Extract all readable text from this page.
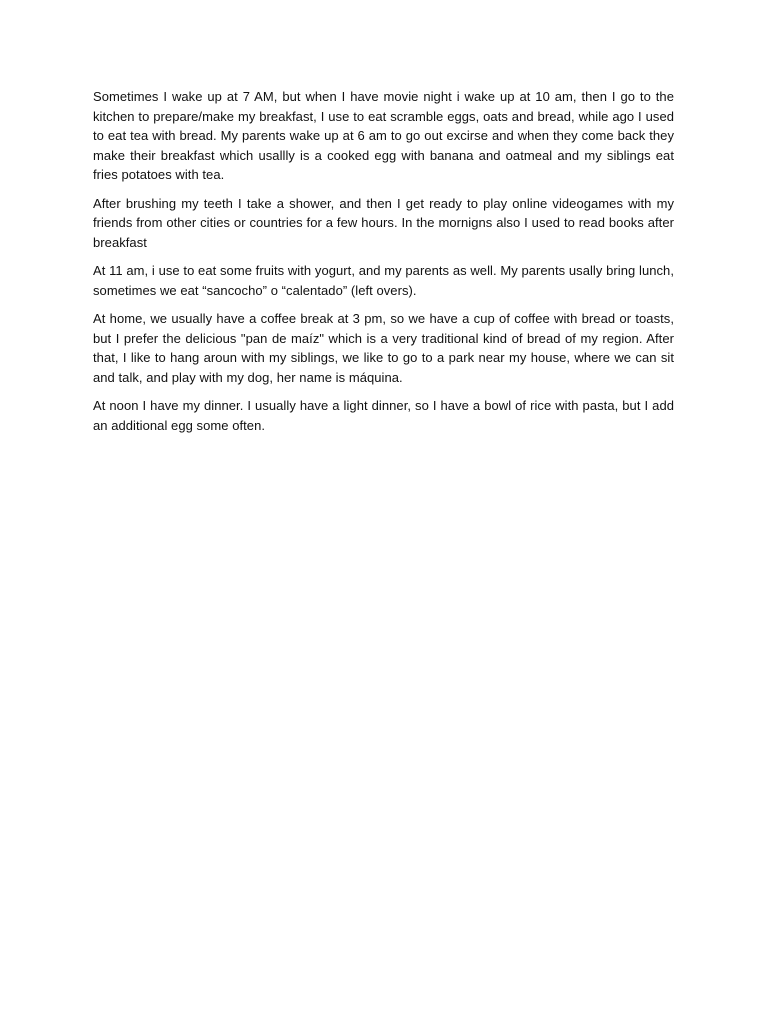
Sometimes I wake up at 7 AM, but when I have movie night i wake up at 10 am, then I go to the kitchen to prepare/make my breakfast, I use to eat scramble eggs, oats and bread, while ago I used to eat tea with bread. My parents wake up at 6 am to go out excirse and when they come back they make their breakfast which usallly is a cooked egg with banana and oatmeal and my siblings eat fries potatoes with tea.

After brushing my teeth I take a shower, and then I get ready to play online videogames with my friends from other cities or countries for a few hours. In the mornigns also I used to read books after breakfast

At 11 am, i use to eat some fruits with yogurt, and my parents as well. My parents usally bring lunch, sometimes we eat “sancocho” o “calentado” (left overs).

At home, we usually have a coffee break at 3 pm, so we have a cup of coffee with bread or toasts, but I prefer the delicious "pan de maíz" which is a very traditional kind of bread of my region. After that, I like to hang aroun with my siblings, we like to go to a park near my house, where we can sit and talk, and play with my dog, her name is máquina.

At noon I have my dinner. I usually have a light dinner, so I have a bowl of rice with pasta, but I add an additional egg some often.
